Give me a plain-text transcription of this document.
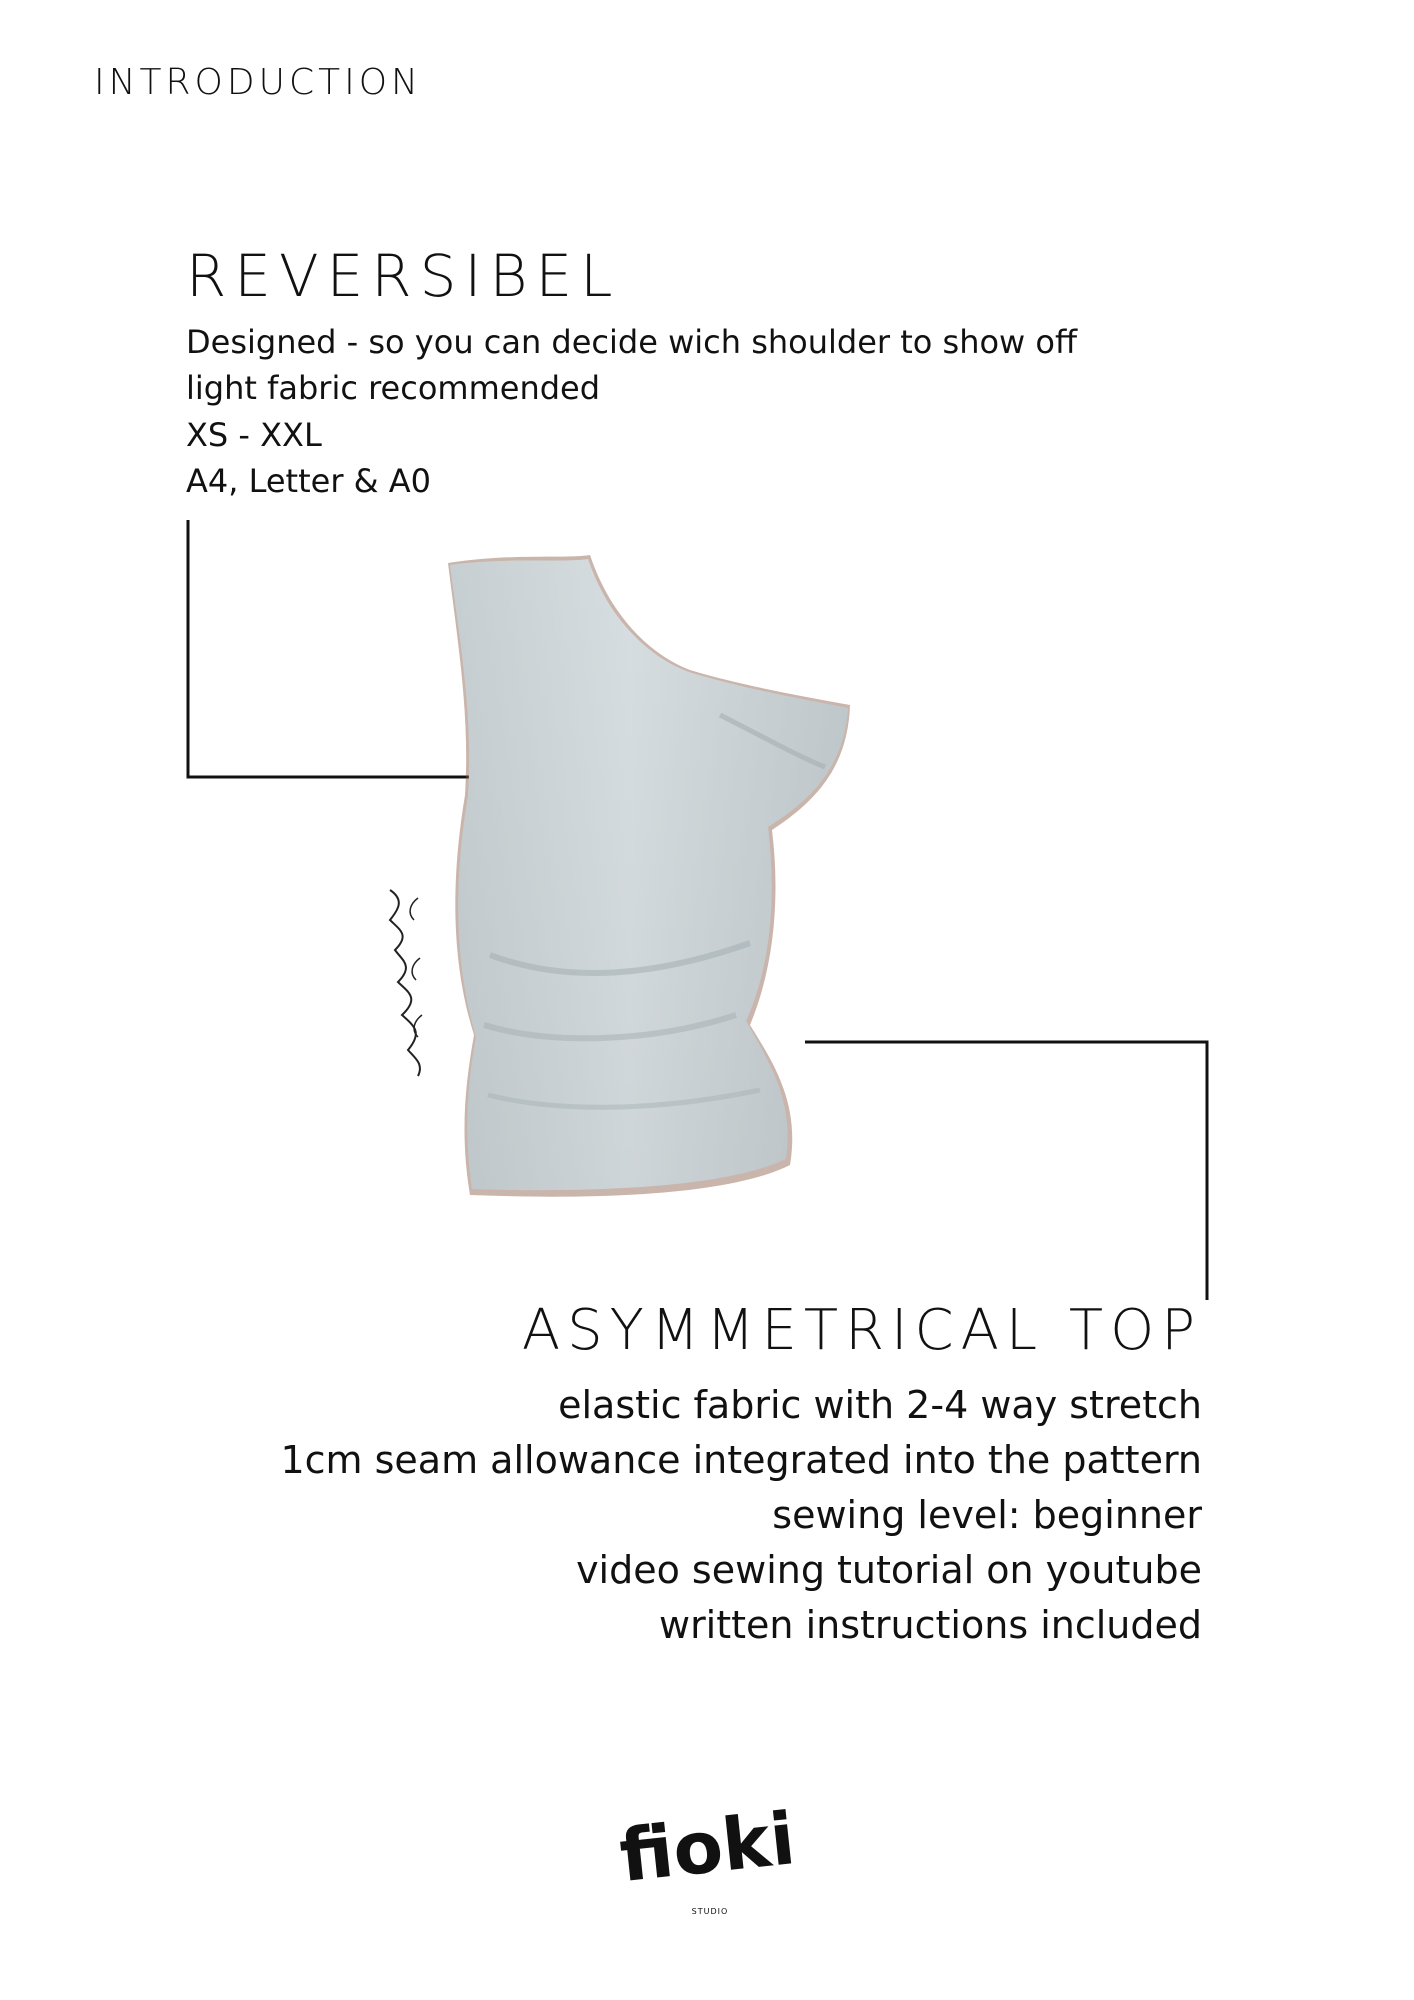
INTRODUCTION
REVERSIBEL

Designed - so you can decide wich shoulder to show off

light fabric recommended

XS - XXL

A4, Letter & A0

ASYMMETRICAL TOP

elastic fabric with 2-4 way stretch

1cm seam allowance integrated into the pattern

sewing level: beginner

video sewing tutorial on youtube

written instructions included

fioki
STUDIO
